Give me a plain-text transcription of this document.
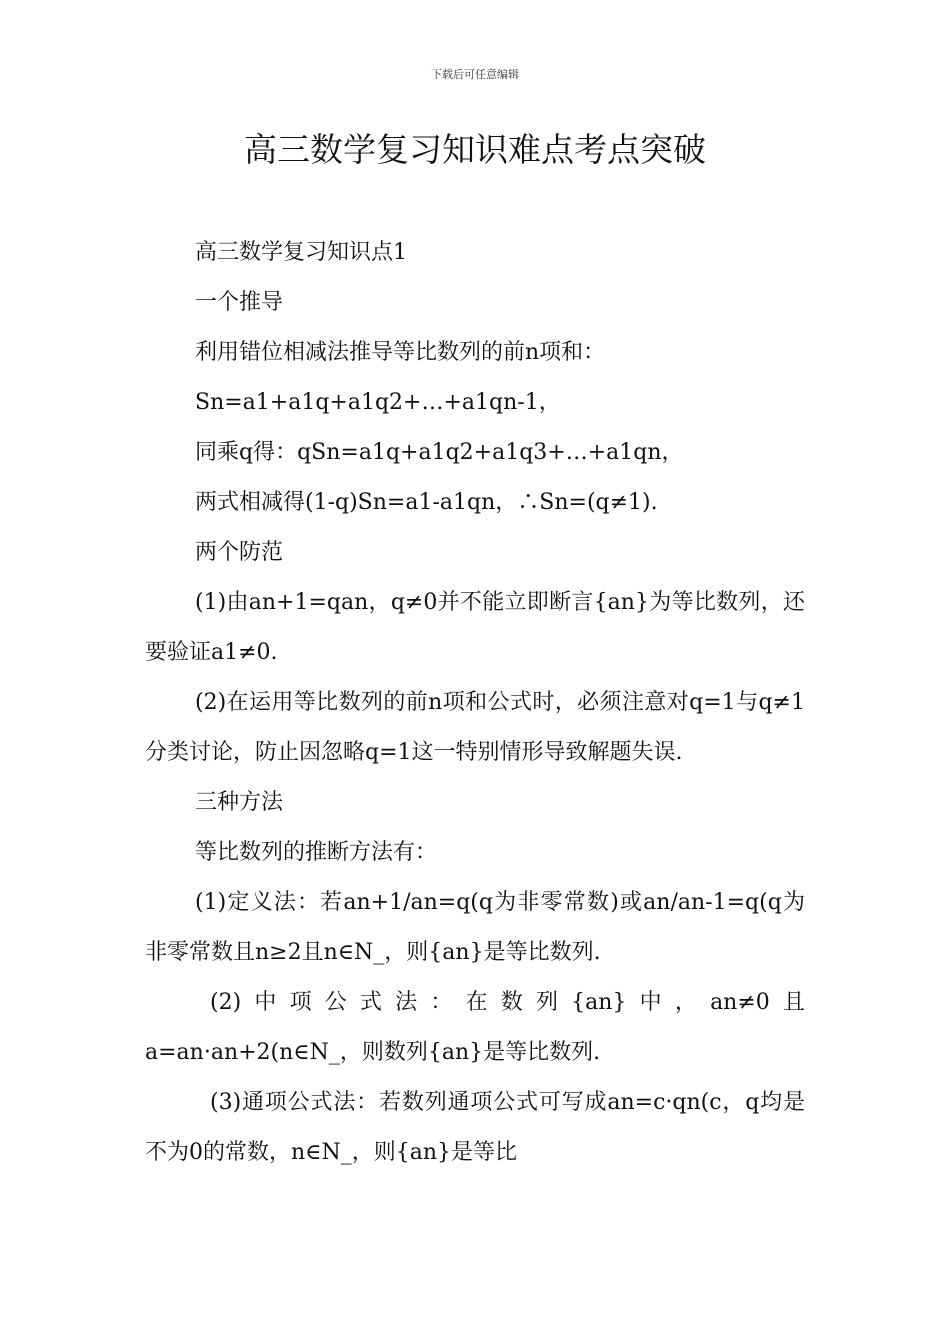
下载后可任意编辑
高三数学复习知识难点考点突破

高三数学复习知识点1

一个推导

利用错位相减法推导等比数列的前n项和：

Sn=a1+a1q+a1q2+…+a1qn-1，

同乘q得：qSn=a1q+a1q2+a1q3+…+a1qn，

两式相减得(1-q)Sn=a1-a1qn，∴Sn=(q≠1).

两个防范

(1)由an+1=qan，q≠0并不能立即断言{an}为等比数列，还要验证a1≠0.

(2)在运用等比数列的前n项和公式时，必须注意对q=1与q≠1分类讨论，防止因忽略q=1这一特别情形导致解题失误.

三种方法

等比数列的推断方法有：

(1)定义法：若an+1/an=q(q为非零常数)或an/an-1=q(q为非零常数且n≥2且n∈N_，则{an}是等比数列.

(2)中项公式法：在数列{an}中，an≠0且a=an·an+2(n∈N_，则数列{an}是等比数列.

(3)通项公式法：若数列通项公式可写成an=c·qn(c，q均是不为0的常数，n∈N_，则{an}是等比
